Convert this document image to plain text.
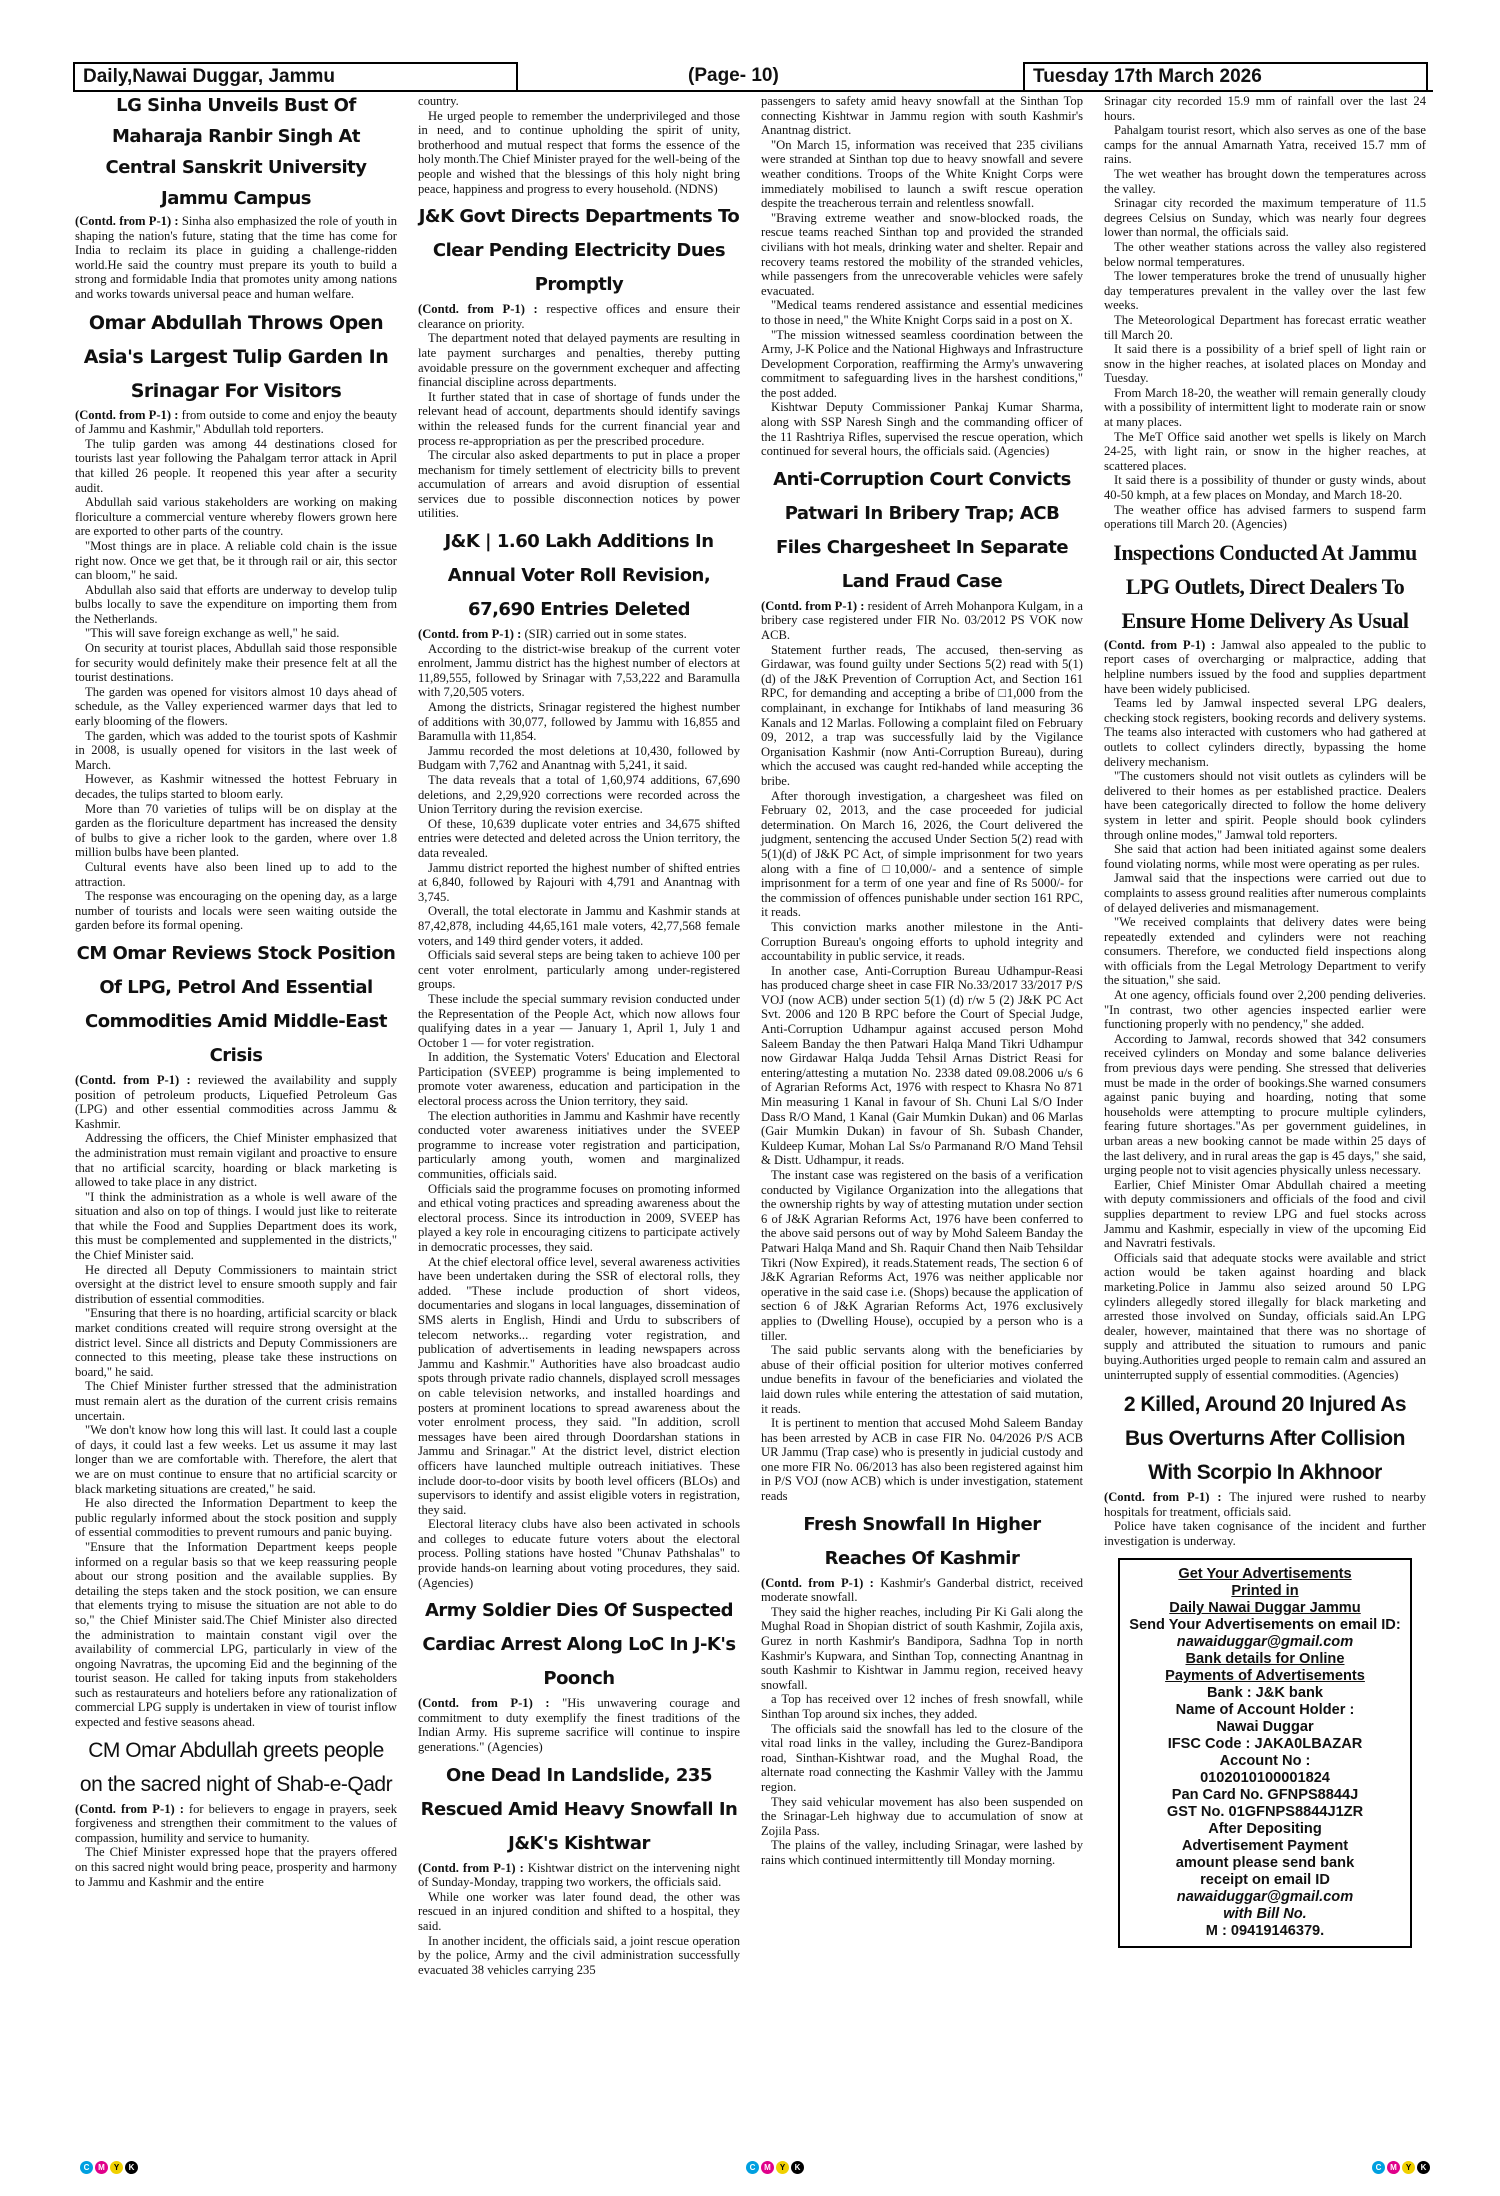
Daily,Nawai Duggar, Jammu	(Page- 10)	Tuesday 17th March 2026
LG Sinha Unveils Bust Of Maharaja Ranbir Singh At Central Sanskrit University Jammu Campus

(Contd. from P-1) : Sinha also emphasized the role of youth in shaping the nation's future, stating that the time has come for India to reclaim its place in guiding a challenge-ridden world.He said the country must prepare its youth to build a strong and formidable India that promotes unity among nations and works towards universal peace and human welfare.

Omar Abdullah Throws Open Asia's Largest Tulip Garden In Srinagar For Visitors

(Contd. from P-1) : from outside to come and enjoy the beauty of Jammu and Kashmir," Abdullah told reporters.

The tulip garden was among 44 destinations closed for tourists last year following the Pahalgam terror attack in April that killed 26 people. It reopened this year after a security audit.

Abdullah said various stakeholders are working on making floriculture a commercial venture whereby flowers grown here are exported to other parts of the country.

"Most things are in place. A reliable cold chain is the issue right now. Once we get that, be it through rail or air, this sector can bloom," he said.

Abdullah also said that efforts are underway to develop tulip bulbs locally to save the expenditure on importing them from the Netherlands.

"This will save foreign exchange as well," he said.

On security at tourist places, Abdullah said those responsible for security would definitely make their presence felt at all the tourist destinations.

The garden was opened for visitors almost 10 days ahead of schedule, as the Valley experienced warmer days that led to early blooming of the flowers.

The garden, which was added to the tourist spots of Kashmir in 2008, is usually opened for visitors in the last week of March.

However, as Kashmir witnessed the hottest February in decades, the tulips started to bloom early.

More than 70 varieties of tulips will be on display at the garden as the floriculture department has increased the density of bulbs to give a richer look to the garden, where over 1.8 million bulbs have been planted.

Cultural events have also been lined up to add to the attraction.

The response was encouraging on the opening day, as a large number of tourists and locals were seen waiting outside the garden before its formal opening.

CM Omar Reviews Stock Position Of LPG, Petrol And Essential Commodities Amid Middle-East Crisis

(Contd. from P-1) : reviewed the availability and supply position of petroleum products, Liquefied Petroleum Gas (LPG) and other essential commodities across Jammu & Kashmir.

Addressing the officers, the Chief Minister emphasized that the administration must remain vigilant and proactive to ensure that no artificial scarcity, hoarding or black marketing is allowed to take place in any district.

"I think the administration as a whole is well aware of the situation and also on top of things. I would just like to reiterate that while the Food and Supplies Department does its work, this must be complemented and supplemented in the districts," the Chief Minister said.

He directed all Deputy Commissioners to maintain strict oversight at the district level to ensure smooth supply and fair distribution of essential commodities.

"Ensuring that there is no hoarding, artificial scarcity or black market conditions created will require strong oversight at the district level. Since all districts and Deputy Commissioners are connected to this meeting, please take these instructions on board," he said.

The Chief Minister further stressed that the administration must remain alert as the duration of the current crisis remains uncertain.

"We don't know how long this will last. It could last a couple of days, it could last a few weeks. Let us assume it may last longer than we are comfortable with. Therefore, the alert that we are on must continue to ensure that no artificial scarcity or black marketing situations are created," he said.

He also directed the Information Department to keep the public regularly informed about the stock position and supply of essential commodities to prevent rumours and panic buying.

"Ensure that the Information Department keeps people informed on a regular basis so that we keep reassuring people about our strong position and the available supplies. By detailing the steps taken and the stock position, we can ensure that elements trying to misuse the situation are not able to do so," the Chief Minister said.The Chief Minister also directed the administration to maintain constant vigil over the availability of commercial LPG, particularly in view of the ongoing Navratras, the upcoming Eid and the beginning of the tourist season. He called for taking inputs from stakeholders such as restaurateurs and hoteliers before any rationalization of commercial LPG supply is undertaken in view of tourist inflow expected and festive seasons ahead.

CM Omar Abdullah greets people on the sacred night of Shab-e-Qadr

(Contd. from P-1) : for believers to engage in prayers, seek forgiveness and strengthen their commitment to the values of compassion, humility and service to humanity.

The Chief Minister expressed hope that the prayers offered on this sacred night would bring peace, prosperity and harmony to Jammu and Kashmir and the entire

country.

He urged people to remember the underprivileged and those in need, and to continue upholding the spirit of unity, brotherhood and mutual respect that forms the essence of the holy month.The Chief Minister prayed for the well-being of the people and wished that the blessings of this holy night bring peace, happiness and progress to every household. (NDNS)

J&K Govt Directs Departments To Clear Pending Electricity Dues Promptly

(Contd. from P-1) : respective offices and ensure their clearance on priority.

The department noted that delayed payments are resulting in late payment surcharges and penalties, thereby putting avoidable pressure on the government exchequer and affecting financial discipline across departments.

It further stated that in case of shortage of funds under the relevant head of account, departments should identify savings within the released funds for the current financial year and process re-appropriation as per the prescribed procedure.

The circular also asked departments to put in place a proper mechanism for timely settlement of electricity bills to prevent accumulation of arrears and avoid disruption of essential services due to possible disconnection notices by power utilities.

J&K | 1.60 Lakh Additions In Annual Voter Roll Revision, 67,690 Entries Deleted

(Contd. from P-1) : (SIR) carried out in some states.

According to the district-wise breakup of the current voter enrolment, Jammu district has the highest number of electors at 11,89,555, followed by Srinagar with 7,53,222 and Baramulla with 7,20,505 voters.

Among the districts, Srinagar registered the highest number of additions with 30,077, followed by Jammu with 16,855 and Baramulla with 11,854.

Jammu recorded the most deletions at 10,430, followed by Budgam with 7,762 and Anantnag with 5,241, it said.

The data reveals that a total of 1,60,974 additions, 67,690 deletions, and 2,29,920 corrections were recorded across the Union Territory during the revision exercise.

Of these, 10,639 duplicate voter entries and 34,675 shifted entries were detected and deleted across the Union territory, the data revealed.

Jammu district reported the highest number of shifted entries at 6,840, followed by Rajouri with 4,791 and Anantnag with 3,745.

Overall, the total electorate in Jammu and Kashmir stands at 87,42,878, including 44,65,161 male voters, 42,77,568 female voters, and 149 third gender voters, it added.

Officials said several steps are being taken to achieve 100 per cent voter enrolment, particularly among under-registered groups.

These include the special summary revision conducted under the Representation of the People Act, which now allows four qualifying dates in a year — January 1, April 1, July 1 and October 1 — for voter registration.

In addition, the Systematic Voters' Education and Electoral Participation (SVEEP) programme is being implemented to promote voter awareness, education and participation in the electoral process across the Union territory, they said.

The election authorities in Jammu and Kashmir have recently conducted voter awareness initiatives under the SVEEP programme to increase voter registration and participation, particularly among youth, women and marginalized communities, officials said.

Officials said the programme focuses on promoting informed and ethical voting practices and spreading awareness about the electoral process. Since its introduction in 2009, SVEEP has played a key role in encouraging citizens to participate actively in democratic processes, they said.

At the chief electoral office level, several awareness activities have been undertaken during the SSR of electoral rolls, they added. "These include production of short videos, documentaries and slogans in local languages, dissemination of SMS alerts in English, Hindi and Urdu to subscribers of telecom networks... regarding voter registration, and publication of advertisements in leading newspapers across Jammu and Kashmir." Authorities have also broadcast audio spots through private radio channels, displayed scroll messages on cable television networks, and installed hoardings and posters at prominent locations to spread awareness about the voter enrolment process, they said. "In addition, scroll messages have been aired through Doordarshan stations in Jammu and Srinagar." At the district level, district election officers have launched multiple outreach initiatives. These include door-to-door visits by booth level officers (BLOs) and supervisors to identify and assist eligible voters in registration, they said.

Electoral literacy clubs have also been activated in schools and colleges to educate future voters about the electoral process. Polling stations have hosted "Chunav Pathshalas" to provide hands-on learning about voting procedures, they said. (Agencies)

Army Soldier Dies Of Suspected Cardiac Arrest Along LoC In J-K's Poonch

(Contd. from P-1) : "His unwavering courage and commitment to duty exemplify the finest traditions of the Indian Army. His supreme sacrifice will continue to inspire generations." (Agencies)

One Dead In Landslide, 235 Rescued Amid Heavy Snowfall In J&K's Kishtwar

(Contd. from P-1) : Kishtwar district on the intervening night of Sunday-Monday, trapping two workers, the officials said.

While one worker was later found dead, the other was rescued in an injured condition and shifted to a hospital, they said.

In another incident, the officials said, a joint rescue operation by the police, Army and the civil administration successfully evacuated 38 vehicles carrying 235

passengers to safety amid heavy snowfall at the Sinthan Top connecting Kishtwar in Jammu region with south Kashmir's Anantnag district.

"On March 15, information was received that 235 civilians were stranded at Sinthan top due to heavy snowfall and severe weather conditions. Troops of the White Knight Corps were immediately mobilised to launch a swift rescue operation despite the treacherous terrain and relentless snowfall.

"Braving extreme weather and snow-blocked roads, the rescue teams reached Sinthan top and provided the stranded civilians with hot meals, drinking water and shelter. Repair and recovery teams restored the mobility of the stranded vehicles, while passengers from the unrecoverable vehicles were safely evacuated.

"Medical teams rendered assistance and essential medicines to those in need," the White Knight Corps said in a post on X.

"The mission witnessed seamless coordination between the Army, J-K Police and the National Highways and Infrastructure Development Corporation, reaffirming the Army's unwavering commitment to safeguarding lives in the harshest conditions," the post added.

Kishtwar Deputy Commissioner Pankaj Kumar Sharma, along with SSP Naresh Singh and the commanding officer of the 11 Rashtriya Rifles, supervised the rescue operation, which continued for several hours, the officials said. (Agencies)

Anti-Corruption Court Convicts Patwari In Bribery Trap; ACB Files Chargesheet In Separate Land Fraud Case

(Contd. from P-1) : resident of Arreh Mohanpora Kulgam, in a bribery case registered under FIR No. 03/2012 PS VOK now ACB.

Statement further reads, The accused, then-serving as Girdawar, was found guilty under Sections 5(2) read with 5(1)(d) of the J&K Prevention of Corruption Act, and Section 161 RPC, for demanding and accepting a bribe of □1,000 from the complainant, in exchange for Intikhabs of land measuring 36 Kanals and 12 Marlas. Following a complaint filed on February 09, 2012, a trap was successfully laid by the Vigilance Organisation Kashmir (now Anti-Corruption Bureau), during which the accused was caught red-handed while accepting the bribe.

After thorough investigation, a chargesheet was filed on February 02, 2013, and the case proceeded for judicial determination. On March 16, 2026, the Court delivered the judgment, sentencing the accused Under Section 5(2) read with 5(1)(d) of J&K PC Act, of simple imprisonment for two years along with a fine of □10,000/- and a sentence of simple imprisonment for a term of one year and fine of Rs 5000/- for the commission of offences punishable under section 161 RPC, it reads.

This conviction marks another milestone in the Anti-Corruption Bureau's ongoing efforts to uphold integrity and accountability in public service, it reads.

In another case, Anti-Corruption Bureau Udhampur-Reasi has produced charge sheet in case FIR No.33/2017 33/2017 P/S VOJ (now ACB) under section 5(1) (d) r/w 5 (2) J&K PC Act Svt. 2006 and 120 B RPC before the Court of Special Judge, Anti-Corruption Udhampur against accused person Mohd Saleem Banday the then Patwari Halqa Mand Tikri Udhampur now Girdawar Halqa Judda Tehsil Arnas District Reasi for entering/attesting a mutation No. 2338 dated 09.08.2006 u/s 6 of Agrarian Reforms Act, 1976 with respect to Khasra No 871 Min measuring 1 Kanal in favour of Sh. Chuni Lal S/O Inder Dass R/O Mand, 1 Kanal (Gair Mumkin Dukan) and 06 Marlas (Gair Mumkin Dukan) in favour of Sh. Subash Chander, Kuldeep Kumar, Mohan Lal Ss/o Parmanand R/O Mand Tehsil & Distt. Udhampur, it reads.

The instant case was registered on the basis of a verification conducted by Vigilance Organization into the allegations that the ownership rights by way of attesting mutation under section 6 of J&K Agrarian Reforms Act, 1976 have been conferred to the above said persons out of way by Mohd Saleem Banday the Patwari Halqa Mand and Sh. Raquir Chand then Naib Tehsildar Tikri (Now Expired), it reads.Statement reads, The section 6 of J&K Agrarian Reforms Act, 1976 was neither applicable nor operative in the said case i.e. (Shops) because the application of section 6 of J&K Agrarian Reforms Act, 1976 exclusively applies to (Dwelling House), occupied by a person who is a tiller.

The said public servants along with the beneficiaries by abuse of their official position for ulterior motives conferred undue benefits in favour of the beneficiaries and violated the laid down rules while entering the attestation of said mutation, it reads.

It is pertinent to mention that accused Mohd Saleem Banday has been arrested by ACB in case FIR No. 04/2026 P/S ACB UR Jammu (Trap case) who is presently in judicial custody and one more FIR No. 06/2013 has also been registered against him in P/S VOJ (now ACB) which is under investigation, statement reads

Fresh Snowfall In Higher Reaches Of Kashmir

(Contd. from P-1) : Kashmir's Ganderbal district, received moderate snowfall.

They said the higher reaches, including Pir Ki Gali along the Mughal Road in Shopian district of south Kashmir, Zojila axis, Gurez in north Kashmir's Bandipora, Sadhna Top in north Kashmir's Kupwara, and Sinthan Top, connecting Anantnag in south Kashmir to Kishtwar in Jammu region, received heavy snowfall.

a Top has received over 12 inches of fresh snowfall, while Sinthan Top around six inches, they added.

The officials said the snowfall has led to the closure of the vital road links in the valley, including the Gurez-Bandipora road, Sinthan-Kishtwar road, and the Mughal Road, the alternate road connecting the Kashmir Valley with the Jammu region.

They said vehicular movement has also been suspended on the Srinagar-Leh highway due to accumulation of snow at Zojila Pass.

The plains of the valley, including Srinagar, were lashed by rains which continued intermittently till Monday morning.

Srinagar city recorded 15.9 mm of rainfall over the last 24 hours.

Pahalgam tourist resort, which also serves as one of the base camps for the annual Amarnath Yatra, received 15.7 mm of rains.

The wet weather has brought down the temperatures across the valley.

Srinagar city recorded the maximum temperature of 11.5 degrees Celsius on Sunday, which was nearly four degrees lower than normal, the officials said.

The other weather stations across the valley also registered below normal temperatures.

The lower temperatures broke the trend of unusually higher day temperatures prevalent in the valley over the last few weeks.

The Meteorological Department has forecast erratic weather till March 20.

It said there is a possibility of a brief spell of light rain or snow in the higher reaches, at isolated places on Monday and Tuesday.

From March 18-20, the weather will remain generally cloudy with a possibility of intermittent light to moderate rain or snow at many places.

The MeT Office said another wet spells is likely on March 24-25, with light rain, or snow in the higher reaches, at scattered places.

It said there is a possibility of thunder or gusty winds, about 40-50 kmph, at a few places on Monday, and March 18-20.

The weather office has advised farmers to suspend farm operations till March 20. (Agencies)

Inspections Conducted At Jammu LPG Outlets, Direct Dealers To Ensure Home Delivery As Usual

(Contd. from P-1) : Jamwal also appealed to the public to report cases of overcharging or malpractice, adding that helpline numbers issued by the food and supplies department have been widely publicised.

Teams led by Jamwal inspected several LPG dealers, checking stock registers, booking records and delivery systems. The teams also interacted with customers who had gathered at outlets to collect cylinders directly, bypassing the home delivery mechanism.

"The customers should not visit outlets as cylinders will be delivered to their homes as per established practice. Dealers have been categorically directed to follow the home delivery system in letter and spirit. People should book cylinders through online modes," Jamwal told reporters.

She said that action had been initiated against some dealers found violating norms, while most were operating as per rules.

Jamwal said that the inspections were carried out due to complaints to assess ground realities after numerous complaints of delayed deliveries and mismanagement.

"We received complaints that delivery dates were being repeatedly extended and cylinders were not reaching consumers. Therefore, we conducted field inspections along with officials from the Legal Metrology Department to verify the situation," she said.

At one agency, officials found over 2,200 pending deliveries. "In contrast, two other agencies inspected earlier were functioning properly with no pendency," she added.

According to Jamwal, records showed that 342 consumers received cylinders on Monday and some balance deliveries from previous days were pending. She stressed that deliveries must be made in the order of bookings.She warned consumers against panic buying and hoarding, noting that some households were attempting to procure multiple cylinders, fearing future shortages."As per government guidelines, in urban areas a new booking cannot be made within 25 days of the last delivery, and in rural areas the gap is 45 days," she said, urging people not to visit agencies physically unless necessary.

Earlier, Chief Minister Omar Abdullah chaired a meeting with deputy commissioners and officials of the food and civil supplies department to review LPG and fuel stocks across Jammu and Kashmir, especially in view of the upcoming Eid and Navratri festivals.

Officials said that adequate stocks were available and strict action would be taken against hoarding and black marketing.Police in Jammu also seized around 50 LPG cylinders allegedly stored illegally for black marketing and arrested those involved on Sunday, officials said.An LPG dealer, however, maintained that there was no shortage of supply and attributed the situation to rumours and panic buying.Authorities urged people to remain calm and assured an uninterrupted supply of essential commodities. (Agencies)

2 Killed, Around 20 Injured As Bus Overturns After Collision With Scorpio In Akhnoor

(Contd. from P-1) : The injured were rushed to nearby hospitals for treatment, officials said.

Police have taken cognisance of the incident and further investigation is underway.

Get Your Advertisements
Printed in
Daily Nawai Duggar Jammu
Send Your Advertisements on email ID:
nawaiduggar@gmail.com
Bank details for Online
Payments of Advertisements
Bank : J&K bank
Name of Account Holder :
Nawai Duggar
IFSC Code : JAKA0LBAZAR
Account No :
0102010100001824
Pan Card No. GFNPS8844J
GST No. 01GFNPS8844J1ZR
After Depositing
Advertisement Payment
amount please send bank
receipt on email ID
nawaiduggar@gmail.com
with Bill No.
M : 09419146379.
C	M	Y	K	C	M	Y	K	C	M	Y	K
